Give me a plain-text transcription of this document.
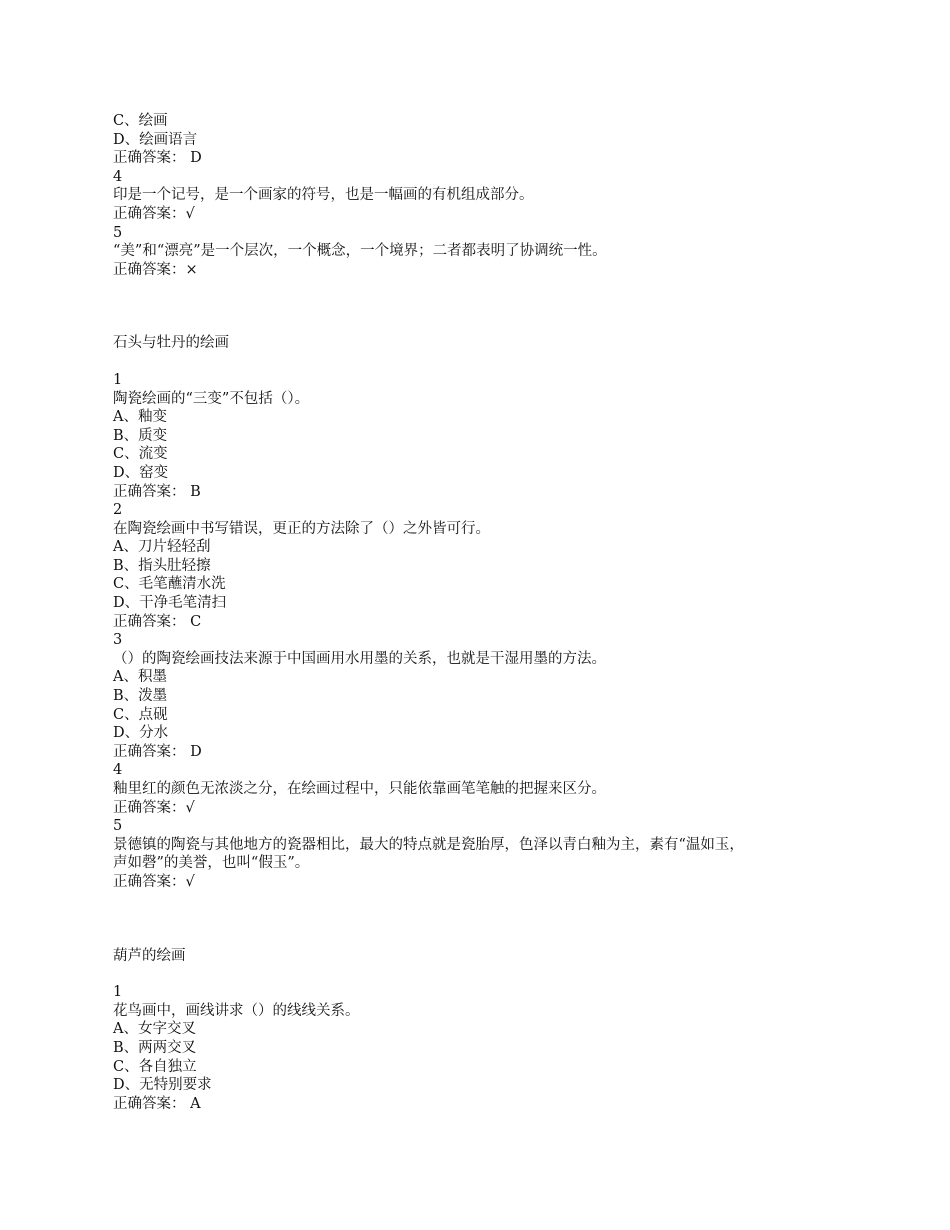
C、绘画
D、绘画语言
正确答案： D
4
印是一个记号，是一个画家的符号，也是一幅画的有机组成部分。
正确答案：√
5
“美”和“漂亮”是一个层次，一个概念，一个境界；二者都表明了协调统一性。
正确答案：×
石头与牡丹的绘画
1
陶瓷绘画的“三变”不包括（）。
A、釉变
B、质变
C、流变
D、窑变
正确答案： B
2
在陶瓷绘画中书写错误，更正的方法除了（）之外皆可行。
A、刀片轻轻刮
B、指头肚轻擦
C、毛笔蘸清水洗
D、干净毛笔清扫
正确答案： C
3
（）的陶瓷绘画技法来源于中国画用水用墨的关系，也就是干湿用墨的方法。
A、积墨
B、泼墨
C、点砚
D、分水
正确答案： D
4
釉里红的颜色无浓淡之分，在绘画过程中，只能依靠画笔笔触的把握来区分。
正确答案：√
5
景德镇的陶瓷与其他地方的瓷器相比，最大的特点就是瓷胎厚，色泽以青白釉为主，素有“温如玉，
声如磬”的美誉，也叫“假玉”。
正确答案：√
葫芦的绘画
1
花鸟画中，画线讲求（）的线线关系。
A、女字交叉
B、两两交叉
C、各自独立
D、无特别要求
正确答案： A
